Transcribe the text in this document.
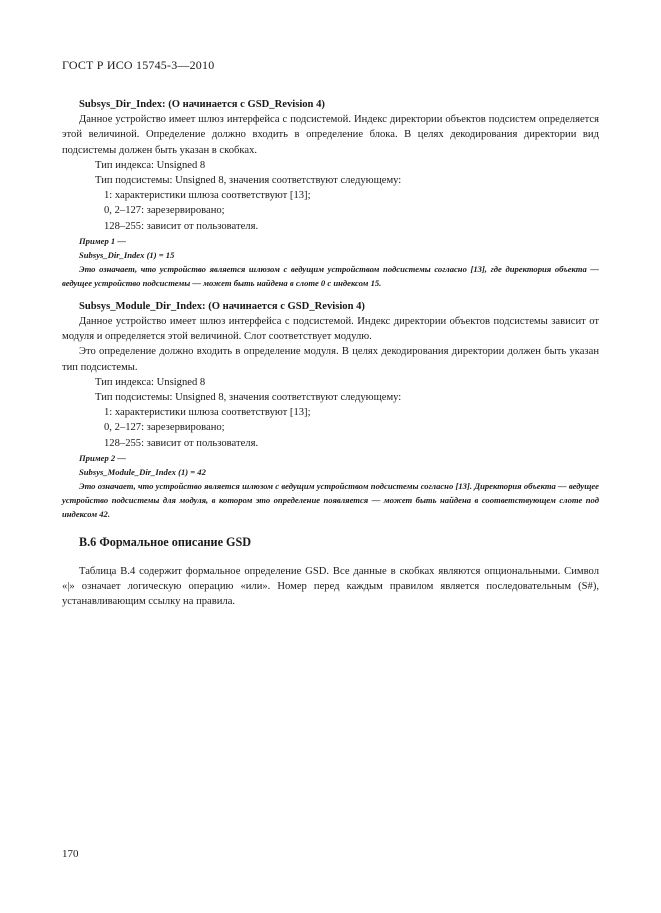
ГОСТ Р ИСО 15745-3—2010

Subsys_Dir_Index: (О начинается с GSD_Revision 4)

Данное устройство имеет шлюз интерфейса с подсистемой. Индекс директории объектов подсистем определяется этой величиной. Определение должно входить в определение блока. В целях декодирования директории вид подсистемы должен быть указан в скобках.

Тип индекса: Unsigned 8

Тип подсистемы: Unsigned 8, значения соответствуют следующему:

1: характеристики шлюза соответствуют [13];

0, 2–127: зарезервировано;

128–255: зависит от пользователя.

Пример 1 —

Subsys_Dir_Index (1) = 15

Это означает, что устройство является шлюзом с ведущим устройством подсистемы согласно [13], где директория объекта — ведущее устройство подсистемы — может быть найдена в слоте 0 с индексом 15.

Subsys_Module_Dir_Index: (О начинается с GSD_Revision 4)

Данное устройство имеет шлюз интерфейса с подсистемой. Индекс директории объектов подсистемы зависит от модуля и определяется этой величиной. Слот соответствует модулю.

Это определение должно входить в определение модуля. В целях декодирования директории должен быть указан тип подсистемы.

Тип индекса: Unsigned 8

Тип подсистемы: Unsigned 8, значения соответствуют следующему:

1: характеристики шлюза соответствуют [13];

0, 2–127: зарезервировано;

128–255: зависит от пользователя.

Пример 2 —

Subsys_Module_Dir_Index (1) = 42

Это означает, что устройство является шлюзом с ведущим устройством подсистемы согласно [13]. Директория объекта — ведущее устройство подсистемы для модуля, в котором это определение появляется — может быть найдена в соответствующем слоте под индексом 42.

В.6 Формальное описание GSD

Таблица В.4 содержит формальное определение GSD. Все данные в скобках являются опциональными. Символ «|» означает логическую операцию «или». Номер перед каждым правилом является последовательным (S#), устанавливающим ссылку на правила.

170
